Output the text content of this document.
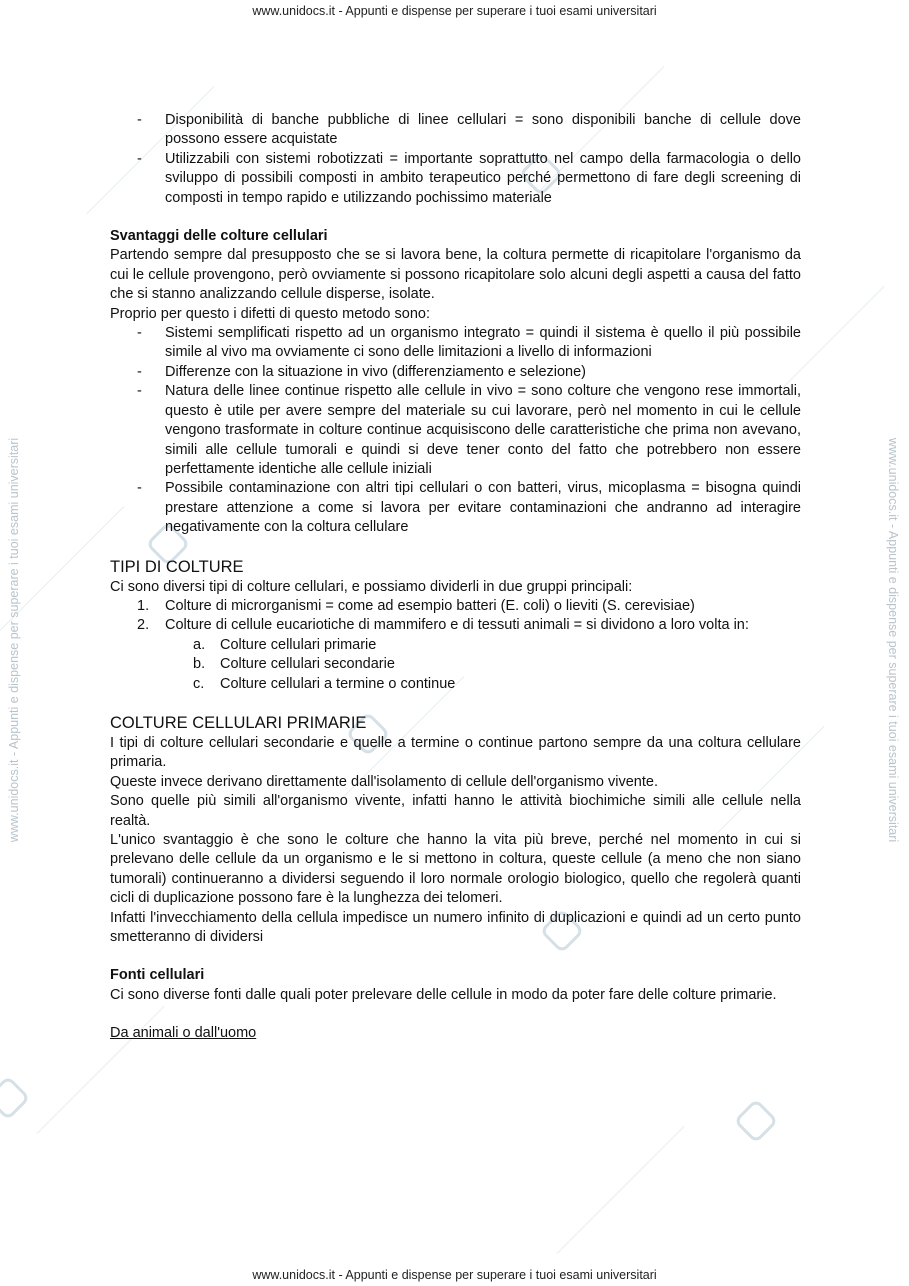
www.unidocs.it - Appunti e dispense per superare i tuoi esami universitari
www.unidocs.it - Appunti e dispense per superare i tuoi esami universitari
www.unidocs.it - Appunti e dispense per superare i tuoi esami universitari	www.unidocs.it - Appunti e dispense per superare i tuoi esami universitari
- Disponibilità di banche pubbliche di linee cellulari = sono disponibili banche di cellule dove possono essere acquistate
- Utilizzabili con sistemi robotizzati = importante soprattutto nel campo della farmacologia o dello sviluppo di possibili composti in ambito terapeutico perché permettono di fare degli screening di composti in tempo rapido e utilizzando pochissimo materiale

Svantaggi delle colture cellulari

Partendo sempre dal presupposto che se si lavora bene, la coltura permette di ricapitolare l'organismo da cui le cellule provengono, però ovviamente si possono ricapitolare solo alcuni degli aspetti a causa del fatto che si stanno analizzando cellule disperse, isolate.

Proprio per questo i difetti di questo metodo sono:

- Sistemi semplificati rispetto ad un organismo integrato = quindi il sistema è quello il più possibile simile al vivo ma ovviamente ci sono delle limitazioni a livello di informazioni
- Differenze con la situazione in vivo (differenziamento e selezione)
- Natura delle linee continue rispetto alle cellule in vivo = sono colture che vengono rese immortali, questo è utile per avere sempre del materiale su cui lavorare, però nel momento in cui le cellule vengono trasformate in colture continue acquisiscono delle caratteristiche che prima non avevano, simili alle cellule tumorali e quindi si deve tener conto del fatto che potrebbero non essere perfettamente identiche alle cellule iniziali
- Possibile contaminazione con altri tipi cellulari o con batteri, virus, micoplasma = bisogna quindi prestare attenzione a come si lavora per evitare contaminazioni che andranno ad interagire negativamente con la coltura cellulare

TIPI DI COLTURE

Ci sono diversi tipi di colture cellulari, e possiamo dividerli in due gruppi principali:

1. Colture di microrganismi = come ad esempio batteri (E. coli) o lieviti (S. cerevisiae)
2. Colture di cellule eucariotiche di mammifero e di tessuti animali = si dividono a loro volta in:
a. Colture cellulari primarie
b. Colture cellulari secondarie
c. Colture cellulari a termine o continue

COLTURE CELLULARI PRIMARIE

I tipi di colture cellulari secondarie e quelle a termine o continue partono sempre da una coltura cellulare primaria.

Queste invece derivano direttamente dall'isolamento di cellule dell'organismo vivente.

Sono quelle più simili all'organismo vivente, infatti hanno le attività biochimiche simili alle cellule nella realtà.

L'unico svantaggio è che sono le colture che hanno la vita più breve, perché nel momento in cui si prelevano delle cellule da un organismo e le si mettono in coltura, queste cellule (a meno che non siano tumorali) continueranno a dividersi seguendo il loro normale orologio biologico, quello che regolerà quanti cicli di duplicazione possono fare è la lunghezza dei telomeri.

Infatti l'invecchiamento della cellula impedisce un numero infinito di duplicazioni e quindi ad un certo punto smetteranno di dividersi

Fonti cellulari

Ci sono diverse fonti dalle quali poter prelevare delle cellule in modo da poter fare delle colture primarie.

Da animali o dall'uomo
